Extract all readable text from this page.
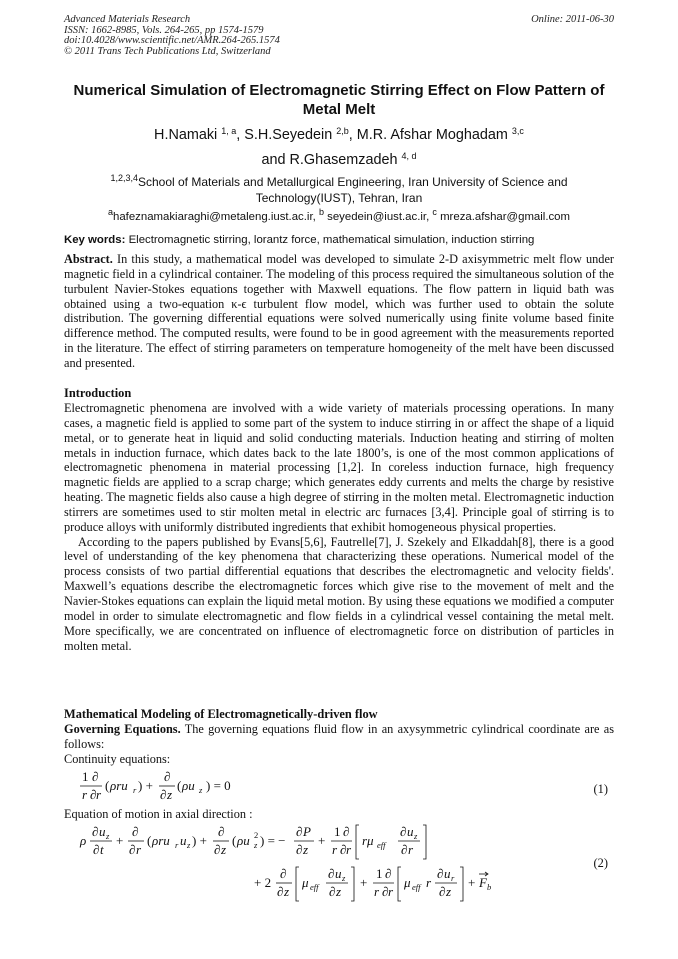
Advanced Materials Research
ISSN: 1662-8985, Vols. 264-265, pp 1574-1579
doi:10.4028/www.scientific.net/AMR.264-265.1574
© 2011 Trans Tech Publications Ltd, Switzerland
Online: 2011-06-30
Numerical Simulation of Electromagnetic Stirring Effect on Flow Pattern of Metal Melt
H.Namaki $^{1, a}$, S.H.Seyedein $^{2,b}$, M.R. Afshar Moghadam $^{3,c}$
and R.Ghasemzadeh $^{4, d}$
$^{1,2,3,4}$School of Materials and Metallurgical Engineering, Iran University of Science and Technology(IUST), Tehran, Iran
$^a$hafeznamakiaraghi@metaleng.iust.ac.ir, $^b$ seyedein@iust.ac.ir, $^c$ mreza.afshar@gmail.com
Key words: Electromagnetic stirring, lorantz force, mathematical simulation, induction stirring

Abstract. In this study, a mathematical model was developed to simulate 2-D axisymmetric melt flow under magnetic field in a cylindrical container. The modeling of this process required the simultaneous solution of the turbulent Navier-Stokes equations together with Maxwell equations. The flow pattern in liquid bath was obtained using a two-equation κ-ϵ turbulent flow model, which was further used to obtain the solute distribution. The governing differential equations were solved numerically using finite volume based finite difference method. The computed results, were found to be in good agreement with the measurements reported in the literature. The effect of stirring parameters on temperature homogeneity of the melt have been discussed and presented.

Introduction

Electromagnetic phenomena are involved with a wide variety of materials processing operations. In many cases, a magnetic field is applied to some part of the system to induce stirring in or affect the shape of a liquid metal, or to generate heat in liquid and solid conducting materials. Induction heating and stirring of molten metals in induction furnace, which dates back to the late 1800’s, is one of the most common applications of electromagnetic phenomena in material processing [1,2]. In coreless induction furnace, high frequency magnetic fields are applied to a scrap charge; which generates eddy currents and melts the charge by resistive heating. The magnetic fields also cause a high degree of stirring in the molten metal. Electromagnetic induction stirrers are sometimes used to stir molten metal in electric arc furnaces [3,4]. Principle goal of stirring is to produce alloys with uniformly distributed ingredients that exhibit homogeneous physical properties.

According to the papers published by Evans[5,6], Fautrelle[7], J. Szekely and Elkaddah[8], there is a good level of understanding of the key phenomena that characterizing these operations. Numerical model of the process consists of two partial differential equations that describes the electromagnetic and velocity fields'. Maxwell’s equations describe the electromagnetic forces which give rise to the movement of melt and the Navier-Stokes equations can explain the liquid metal motion. By using these equations we modified a computer model in order to simulate electromagnetic and flow fields in a cylindrical vessel containing the metal melt. More specifically, we are concentrated on influence of electromagnetic force on distribution of particles in molten metal.

Mathematical Modeling of Electromagnetically-driven flow

Governing Equations. The governing equations fluid flow in an axysymmetric cylindrical coordinate are as follows:

Continuity equations:
1 ∂
r ∂ r
( ρru r ) +
∂
∂ z
( ρu z ) = 0	(1)
Equation of motion in axial direction :
ρ
∂ u z
∂ t
+
∂
∂ r
( ρru r u z ) +
∂
∂ z
( ρu z
2 ) = −
∂ P
∂ z
+
1 ∂
r ∂ r
rμ eff
∂ u z
∂ r
+ 2
∂
∂ z
μ eff
∂ u z
∂ z
+
1 ∂
r ∂ r
μ eff r
∂ u r
∂ z
+ F b
(2)
